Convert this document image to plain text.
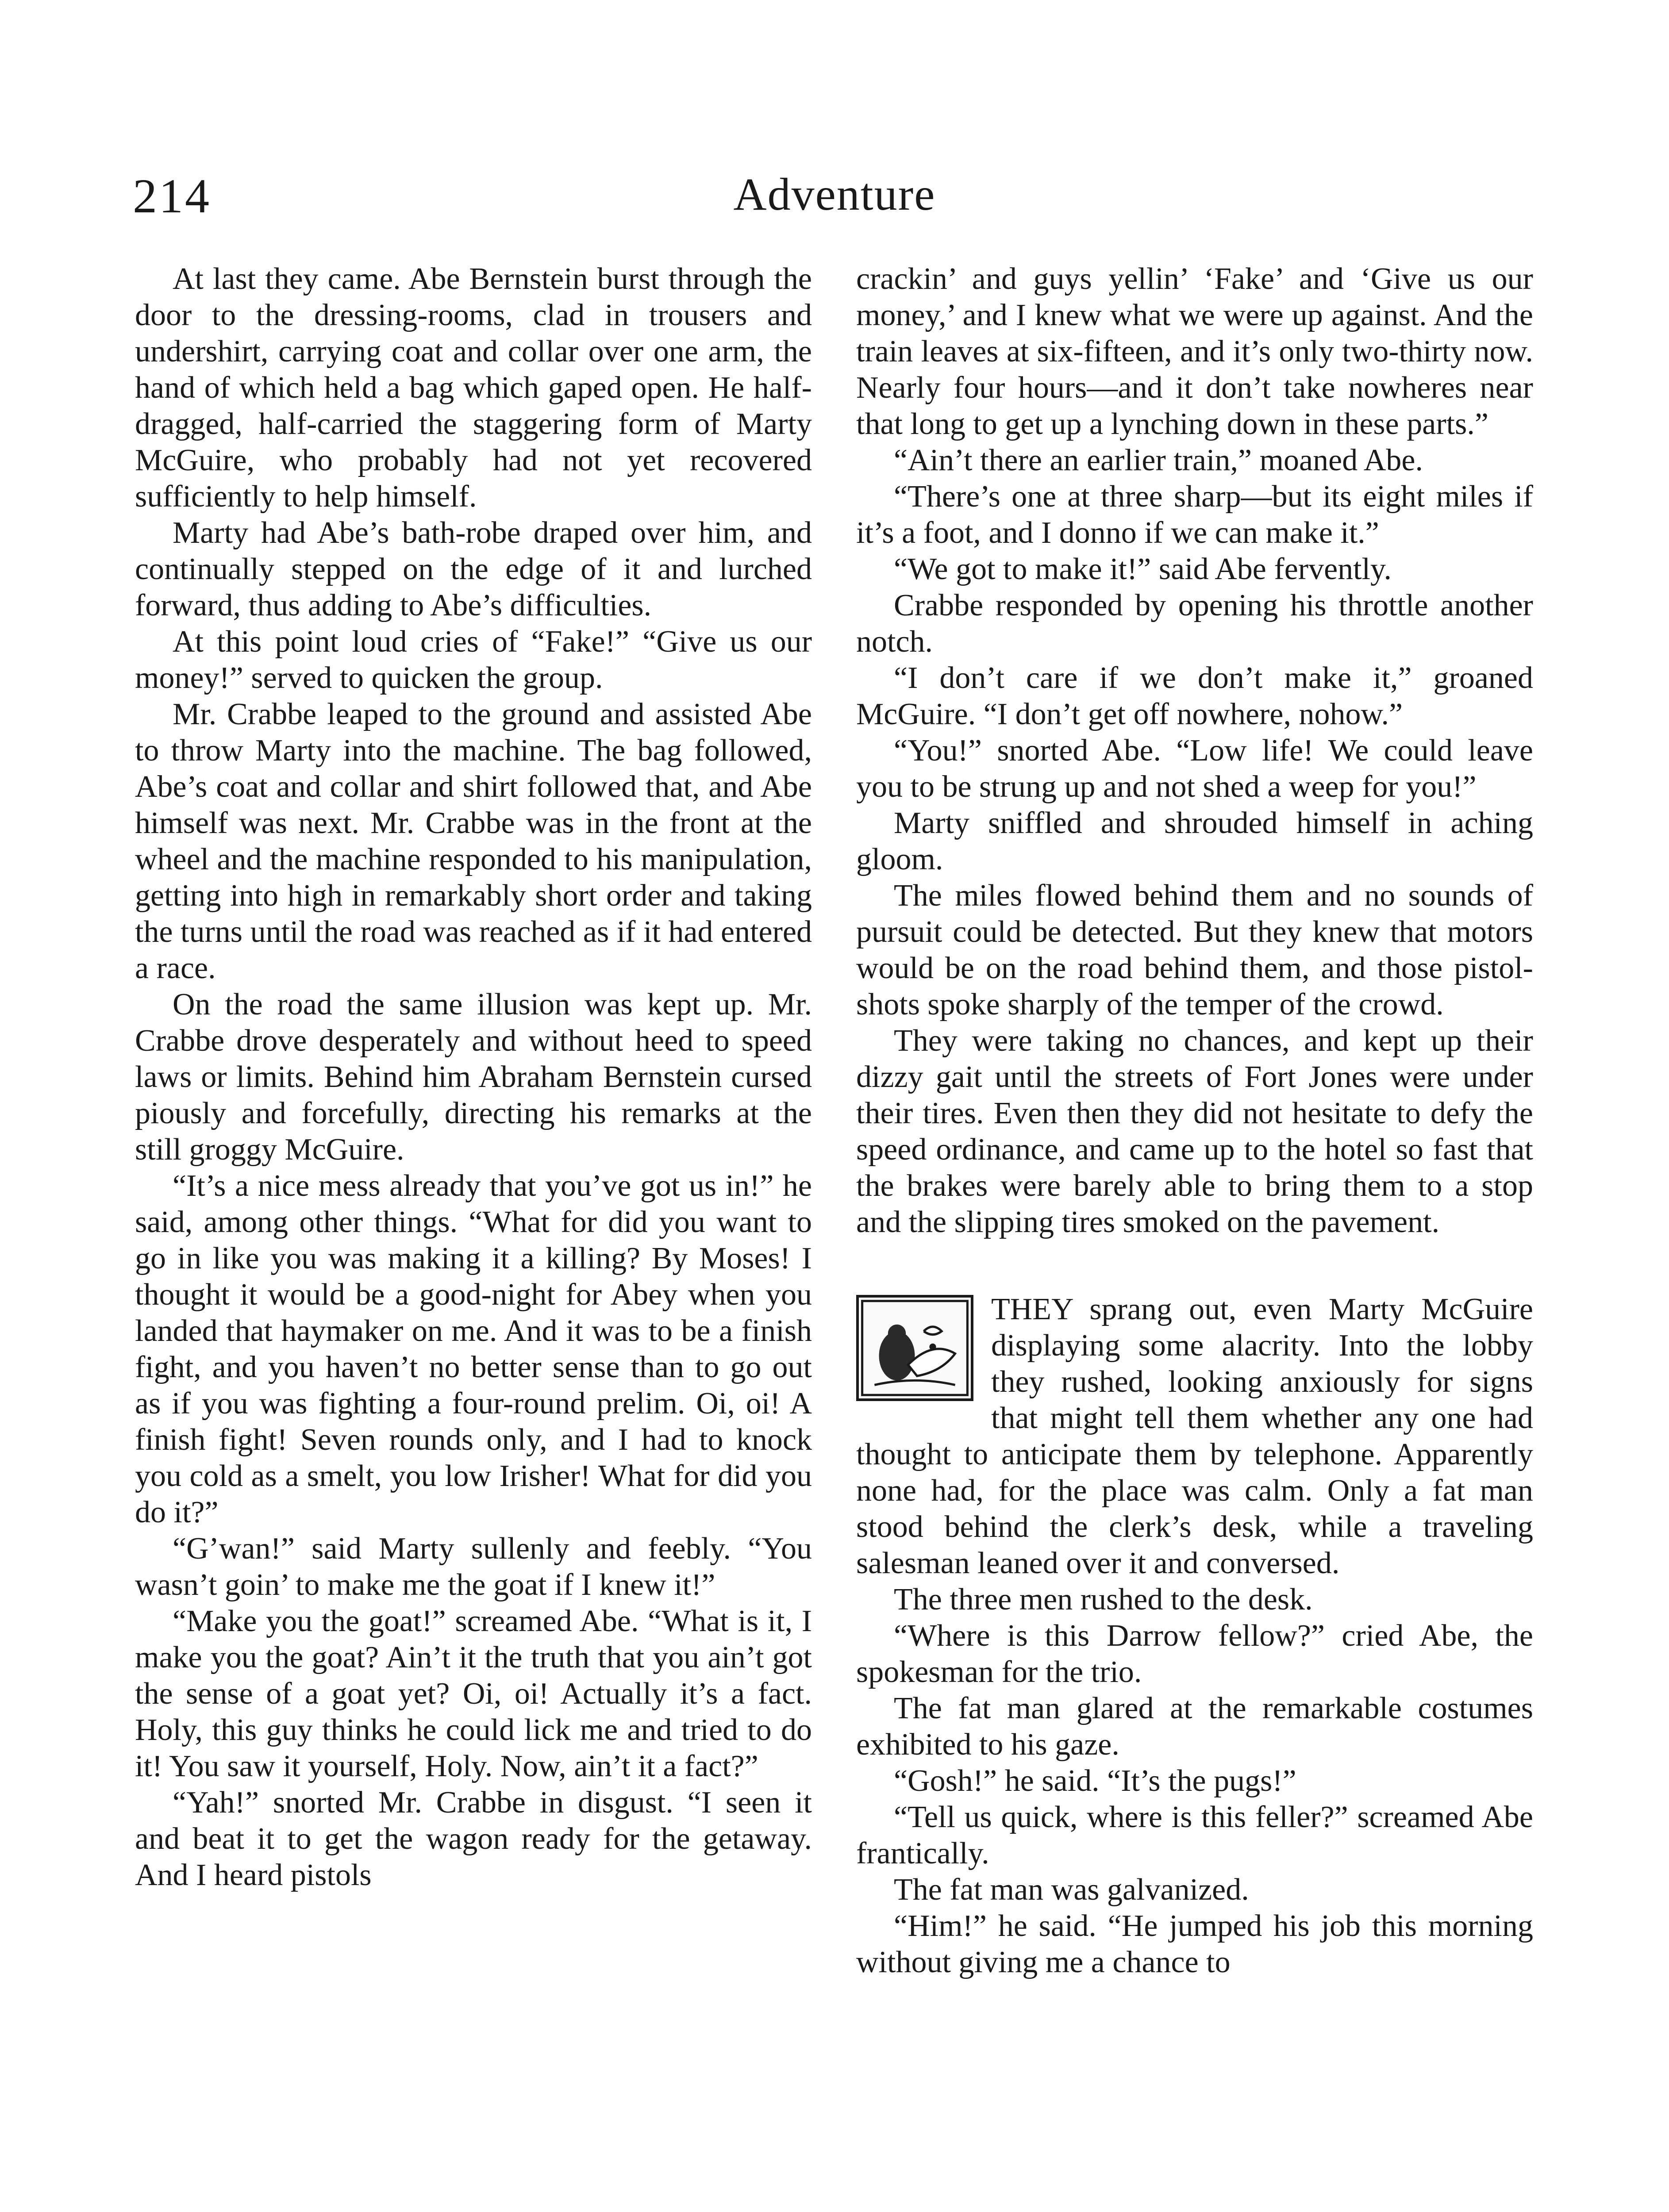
214	Adventure

At last they came. Abe Bernstein burst through the door to the dressing-rooms, clad in trousers and undershirt, carrying coat and collar over one arm, the hand of which held a bag which gaped open. He half-dragged, half-carried the staggering form of Marty McGuire, who probably had not yet recovered sufficiently to help himself.

Marty had Abe’s bath-robe draped over him, and continually stepped on the edge of it and lurched forward, thus adding to Abe’s difficulties.

At this point loud cries of “Fake!” “Give us our money!” served to quicken the group.

Mr. Crabbe leaped to the ground and assisted Abe to throw Marty into the machine. The bag followed, Abe’s coat and collar and shirt followed that, and Abe himself was next. Mr. Crabbe was in the front at the wheel and the machine responded to his manipulation, getting into high in remarkably short order and taking the turns until the road was reached as if it had entered a race.

On the road the same illusion was kept up. Mr. Crabbe drove desperately and without heed to speed laws or limits. Behind him Abraham Bernstein cursed piously and forcefully, directing his remarks at the still groggy McGuire.

“It’s a nice mess already that you’ve got us in!” he said, among other things. “What for did you want to go in like you was making it a killing? By Moses! I thought it would be a good-night for Abey when you landed that haymaker on me. And it was to be a finish fight, and you haven’t no better sense than to go out as if you was fighting a four-round prelim. Oi, oi! A finish fight! Seven rounds only, and I had to knock you cold as a smelt, you low Irisher! What for did you do it?”

“G’wan!” said Marty sullenly and feebly. “You wasn’t goin’ to make me the goat if I knew it!”

“Make you the goat!” screamed Abe. “What is it, I make you the goat? Ain’t it the truth that you ain’t got the sense of a goat yet? Oi, oi! Actually it’s a fact. Holy, this guy thinks he could lick me and tried to do it! You saw it yourself, Holy. Now, ain’t it a fact?”

“Yah!” snorted Mr. Crabbe in disgust. “I seen it and beat it to get the wagon ready for the getaway. And I heard pistols

crackin’ and guys yellin’ ‘Fake’ and ‘Give us our money,’ and I knew what we were up against. And the train leaves at six-fifteen, and it’s only two-thirty now. Nearly four hours—and it don’t take nowheres near that long to get up a lynching down in these parts.”

“Ain’t there an earlier train,” moaned Abe.

“There’s one at three sharp—but its eight miles if it’s a foot, and I donno if we can make it.”

“We got to make it!” said Abe fervently.

Crabbe responded by opening his throttle another notch.

“I don’t care if we don’t make it,” groaned McGuire. “I don’t get off nowhere, nohow.”

“You!” snorted Abe. “Low life! We could leave you to be strung up and not shed a weep for you!”

Marty sniffled and shrouded himself in aching gloom.

The miles flowed behind them and no sounds of pursuit could be detected. But they knew that motors would be on the road behind them, and those pistol-shots spoke sharply of the temper of the crowd.

They were taking no chances, and kept up their dizzy gait until the streets of Fort Jones were under their tires. Even then they did not hesitate to defy the speed ordinance, and came up to the hotel so fast that the brakes were barely able to bring them to a stop and the slipping tires smoked on the pavement.

THEY sprang out, even Marty McGuire displaying some alacrity. Into the lobby they rushed, looking anxiously for signs that might tell them whether any one had thought to anticipate them by telephone. Apparently none had, for the place was calm. Only a fat man stood behind the clerk’s desk, while a traveling salesman leaned over it and conversed.

The three men rushed to the desk.

“Where is this Darrow fellow?” cried Abe, the spokesman for the trio.

The fat man glared at the remarkable costumes exhibited to his gaze.

“Gosh!” he said. “It’s the pugs!”

“Tell us quick, where is this feller?” screamed Abe frantically.

The fat man was galvanized.

“Him!” he said. “He jumped his job this morning without giving me a chance to
